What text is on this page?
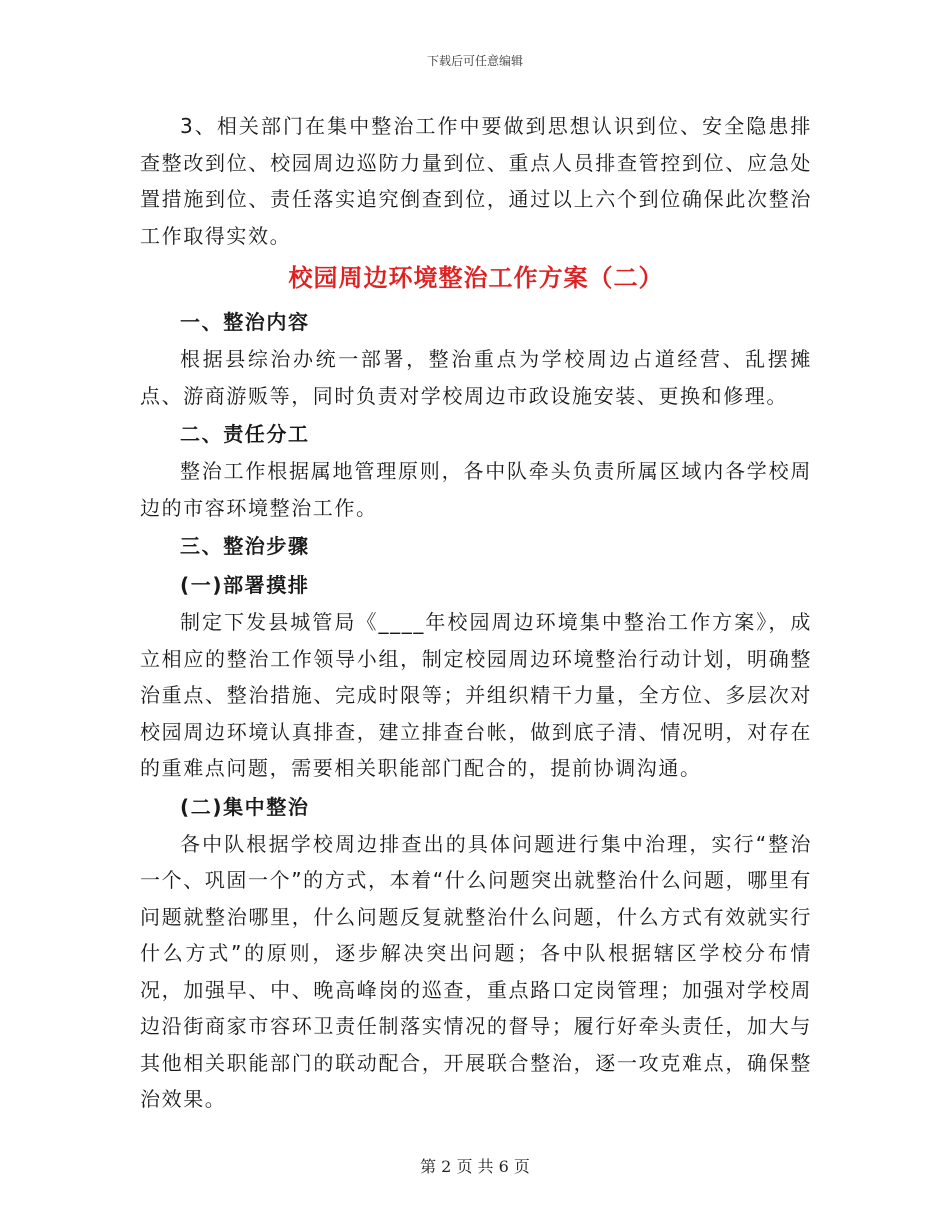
下载后可任意编辑

3、相关部门在集中整治工作中要做到思想认识到位、安全隐患排查整改到位、校园周边巡防力量到位、重点人员排查管控到位、应急处置措施到位、责任落实追究倒查到位，通过以上六个到位确保此次整治工作取得实效。

校园周边环境整治工作方案（二）
一、整治内容

根据县综治办统一部署，整治重点为学校周边占道经营、乱摆摊点、游商游贩等，同时负责对学校周边市政设施安装、更换和修理。

二、责任分工

整治工作根据属地管理原则，各中队牵头负责所属区域内各学校周边的市容环境整治工作。

三、整治步骤
(一)部署摸排

制定下发县城管局《____年校园周边环境集中整治工作方案》，成立相应的整治工作领导小组，制定校园周边环境整治行动计划，明确整治重点、整治措施、完成时限等；并组织精干力量，全方位、多层次对校园周边环境认真排查，建立排查台帐，做到底子清、情况明，对存在的重难点问题，需要相关职能部门配合的，提前协调沟通。

(二)集中整治

各中队根据学校周边排查出的具体问题进行集中治理，实行“整治一个、巩固一个”的方式，本着“什么问题突出就整治什么问题，哪里有问题就整治哪里，什么问题反复就整治什么问题，什么方式有效就实行什么方式”的原则，逐步解决突出问题；各中队根据辖区学校分布情况，加强早、中、晚高峰岗的巡查，重点路口定岗管理；加强对学校周边沿街商家市容环卫责任制落实情况的督导；履行好牵头责任，加大与其他相关职能部门的联动配合，开展联合整治，逐一攻克难点，确保整治效果。

第 2 页 共 6 页
